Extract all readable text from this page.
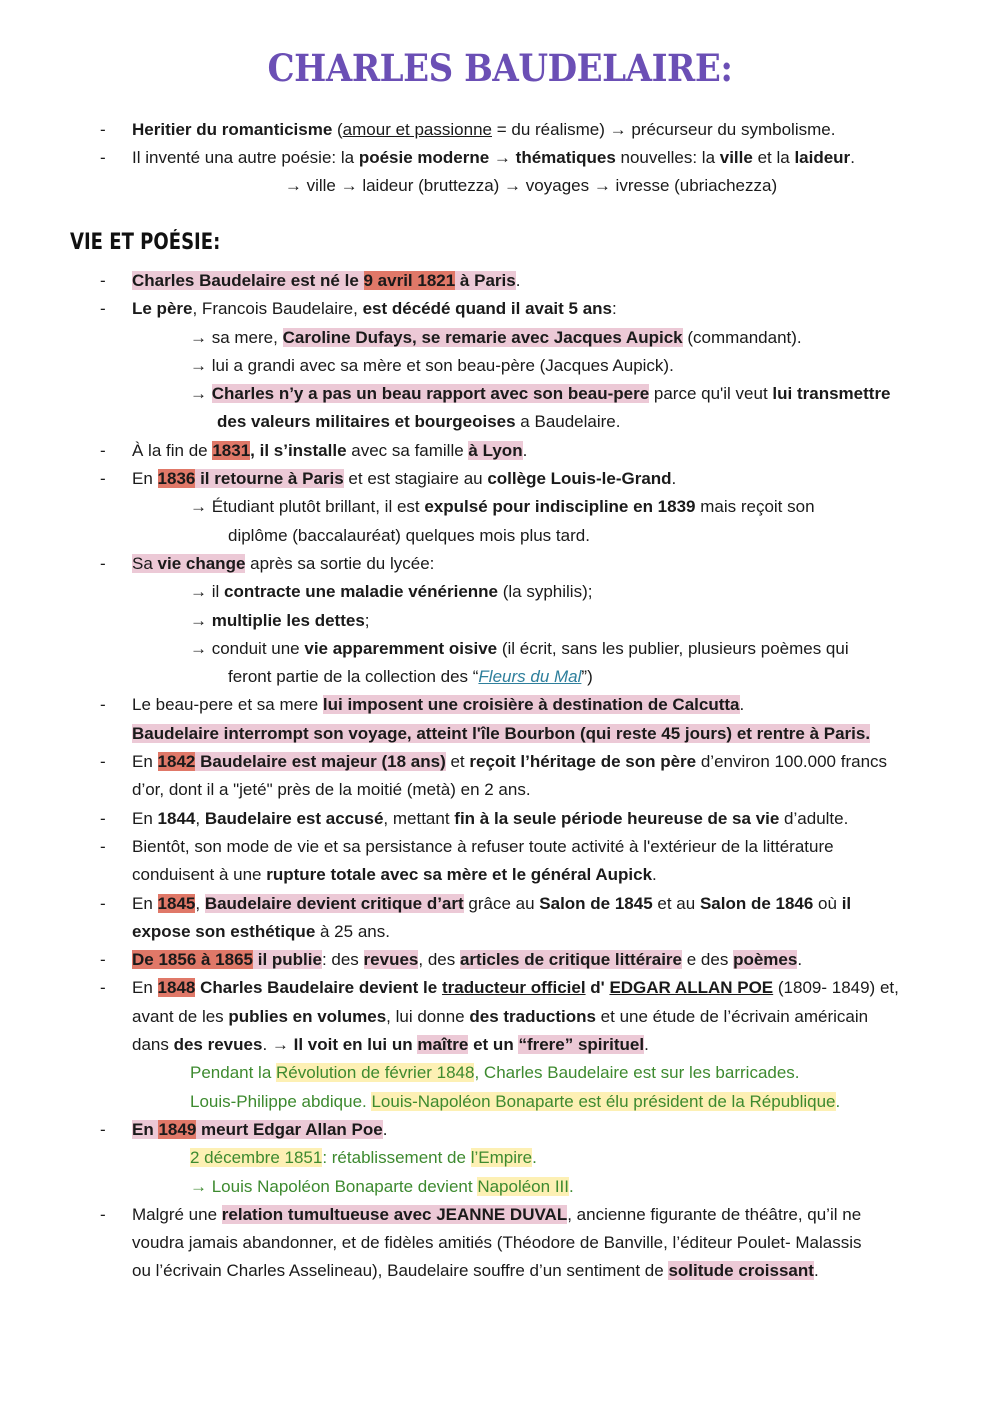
CHARLES BAUDELAIRE:
-	Heritier du romanticisme (amour et passionne = du réalisme) → précurseur du symbolisme.
-	Il inventé una autre poésie: la poésie moderne → thématiques nouvelles: la ville et la laideur.
→ ville → laideur (bruttezza) → voyages → ivresse (ubriachezza)
VIE ET POÉSIE:
-	Charles Baudelaire est né le 9 avril 1821 à Paris.
-	Le père, Francois Baudelaire, est décédé quand il avait 5 ans:
→ sa mere, Caroline Dufays, se remarie avec Jacques Aupick (commandant).
→ lui a grandi avec sa mère et son beau-père (Jacques Aupick).
→ Charles n’y a pas un beau rapport avec son beau-pere parce qu'il veut lui transmettre
des valeurs militaires et bourgeoises a Baudelaire.
-	À la fin de 1831, il s’installe avec sa famille à Lyon.
-	En 1836 il retourne à Paris et est stagiaire au collège Louis-le-Grand.
→ Étudiant plutôt brillant, il est expulsé pour indiscipline en 1839 mais reçoit son
diplôme (baccalauréat) quelques mois plus tard.
-	Sa vie change après sa sortie du lycée:
→ il contracte une maladie vénérienne (la syphilis);
→ multiplie les dettes;
→ conduit une vie apparemment oisive (il écrit, sans les publier, plusieurs poèmes qui
feront partie de la collection des “Fleurs du Mal”)
-	Le beau-pere et sa mere lui imposent une croisière à destination de Calcutta.
Baudelaire interrompt son voyage, atteint l'île Bourbon (qui reste 45 jours) et rentre à Paris.
-	En 1842 Baudelaire est majeur (18 ans) et reçoit l’héritage de son père d’environ 100.000 francs
d’or, dont il a "jeté" près de la moitié (metà) en 2 ans.
-	En 1844, Baudelaire est accusé, mettant fin à la seule période heureuse de sa vie d’adulte.
-	Bientôt, son mode de vie et sa persistance à refuser toute activité à l'extérieur de la littérature
conduisent à une rupture totale avec sa mère et le général Aupick.
-	En 1845, Baudelaire devient critique d’art grâce au Salon de 1845 et au Salon de 1846 où il
expose son esthétique à 25 ans.
-	De 1856 à 1865 il publie: des revues, des articles de critique littéraire e des poèmes.
-	En 1848 Charles Baudelaire devient le traducteur officiel d' EDGAR ALLAN POE (1809- 1849) et,
avant de les publies en volumes, lui donne des traductions et une étude de l’écrivain américain
dans des revues. → Il voit en lui un maître et un “frere” spirituel.
Pendant la Révolution de février 1848, Charles Baudelaire est sur les barricades.
Louis-Philippe abdique. Louis-Napoléon Bonaparte est élu président de la République.
-	En 1849 meurt Edgar Allan Poe.
2 décembre 1851: rétablissement de l’Empire.
→ Louis Napoléon Bonaparte devient Napoléon III.
-	Malgré une relation tumultueuse avec JEANNE DUVAL, ancienne figurante de théâtre, qu’il ne
voudra jamais abandonner, et de fidèles amitiés (Théodore de Banville, l’éditeur Poulet- Malassis
ou l’écrivain Charles Asselineau), Baudelaire souffre d’un sentiment de solitude croissant.
